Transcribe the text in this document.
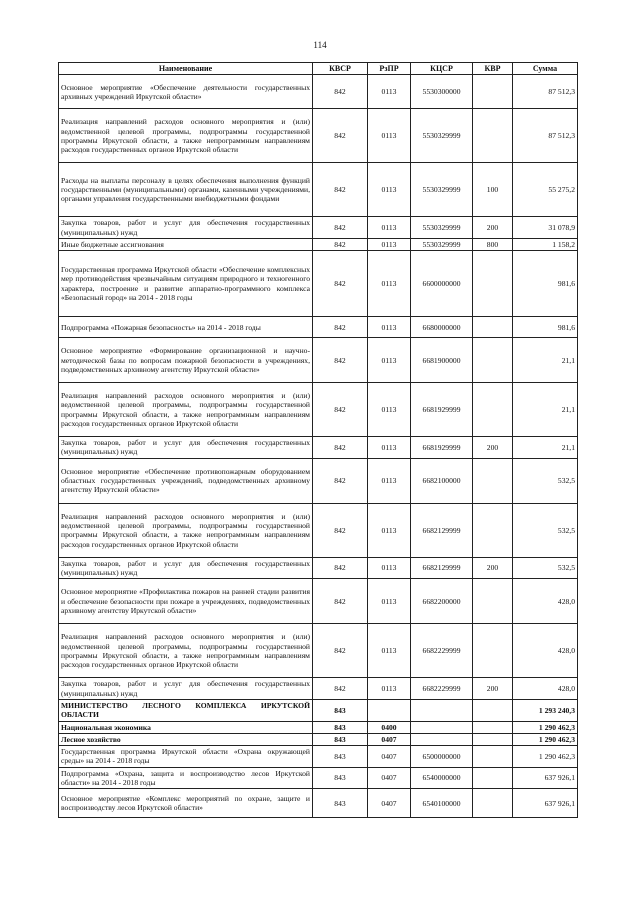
114
Наименование	КВСР	РзПР	КЦСР	КВР	Сумма
Основное мероприятие «Обеспечение деятельности государственных архивных учреждений Иркутской области»	842	0113	5530300000		87 512,3
Реализация направлений расходов основного мероприятия и (или) ведомственной целевой программы, подпрограммы государственной программы Иркутской области, а также непрограммным направлениям расходов государственных органов Иркутской области	842	0113	5530329999		87 512,3
Расходы на выплаты персоналу в целях обеспечения выполнения функций государственными (муниципальными) органами, казенными учреждениями, органами управления государственными внебюджетными фондами	842	0113	5530329999	100	55 275,2
Закупка товаров, работ и услуг для обеспечения государственных (муниципальных) нужд	842	0113	5530329999	200	31 078,9
Иные бюджетные ассигнования	842	0113	5530329999	800	1 158,2
Государственная программа Иркутской области «Обеспечение комплексных мер противодействия чрезвычайным ситуациям природного и техногенного характера, построение и развитие аппаратно-программного комплекса «Безопасный город» на 2014 - 2018 годы	842	0113	6600000000		981,6
Подпрограмма «Пожарная безопасность» на 2014 - 2018 годы	842	0113	6680000000		981,6
Основное мероприятие «Формирование организационной и научно-методической базы по вопросам пожарной безопасности в учреждениях, подведомственных архивному агентству Иркутской области»	842	0113	6681900000		21,1
Реализация направлений расходов основного мероприятия и (или) ведомственной целевой программы, подпрограммы государственной программы Иркутской области, а также непрограммным направлениям расходов государственных органов Иркутской области	842	0113	6681929999		21,1
Закупка товаров, работ и услуг для обеспечения государственных (муниципальных) нужд	842	0113	6681929999	200	21,1
Основное мероприятие «Обеспечение противопожарным оборудованием областных государственных учреждений, подведомственных архивному агентству Иркутской области»	842	0113	6682100000		532,5
Реализация направлений расходов основного мероприятия и (или) ведомственной целевой программы, подпрограммы государственной программы Иркутской области, а также непрограммным направлениям расходов государственных органов Иркутской области	842	0113	6682129999		532,5
Закупка товаров, работ и услуг для обеспечения государственных (муниципальных) нужд	842	0113	6682129999	200	532,5
Основное мероприятие «Профилактика пожаров на ранней стадии развития и обеспечение безопасности при пожаре в учреждениях, подведомственных архивному агентству Иркутской области»	842	0113	6682200000		428,0
Реализация направлений расходов основного мероприятия и (или) ведомственной целевой программы, подпрограммы государственной программы Иркутской области, а также непрограммным направлениям расходов государственных органов Иркутской области	842	0113	6682229999		428,0
Закупка товаров, работ и услуг для обеспечения государственных (муниципальных) нужд	842	0113	6682229999	200	428,0
МИНИСТЕРСТВО ЛЕСНОГО КОМПЛЕКСА ИРКУТСКОЙ ОБЛАСТИ	843				1 293 240,3
Национальная экономика	843	0400			1 290 462,3
Лесное хозяйство	843	0407			1 290 462,3
Государственная программа Иркутской области «Охрана окружающей среды» на 2014 - 2018 годы	843	0407	6500000000		1 290 462,3
Подпрограмма «Охрана, защита и воспроизводство лесов Иркутской области» на 2014 - 2018 годы	843	0407	6540000000		637 926,1
Основное мероприятие «Комплекс мероприятий по охране, защите и воспроизводству лесов Иркутской области»	843	0407	6540100000		637 926,1
